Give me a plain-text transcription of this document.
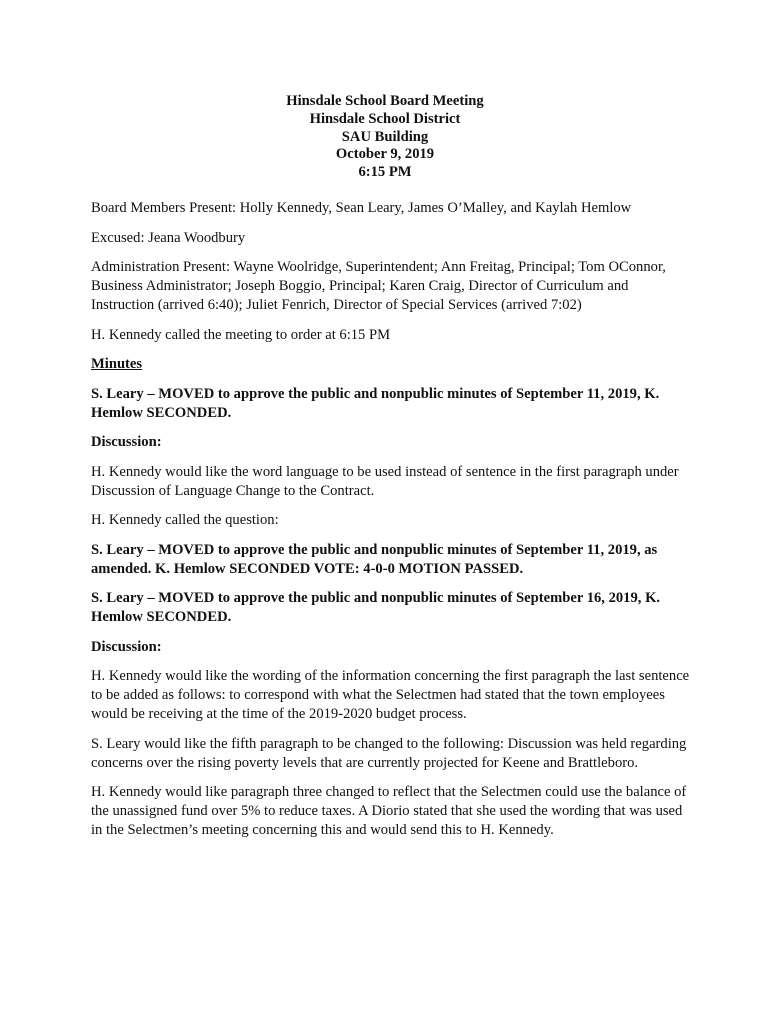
Hinsdale School Board Meeting
Hinsdale School District
SAU Building
October 9, 2019
6:15 PM

Board Members Present: Holly Kennedy, Sean Leary, James O’Malley, and Kaylah Hemlow

Excused: Jeana Woodbury

Administration Present: Wayne Woolridge, Superintendent; Ann Freitag, Principal; Tom OConnor, Business Administrator; Joseph Boggio, Principal; Karen Craig, Director of Curriculum and Instruction (arrived 6:40); Juliet Fenrich, Director of Special Services (arrived 7:02)

H. Kennedy called the meeting to order at 6:15 PM

Minutes

S. Leary – MOVED to approve the public and nonpublic minutes of September 11, 2019, K. Hemlow SECONDED.

Discussion:

H. Kennedy would like the word language to be used instead of sentence in the first paragraph under Discussion of Language Change to the Contract.

H. Kennedy called the question:

S. Leary – MOVED to approve the public and nonpublic minutes of September 11, 2019, as amended. K. Hemlow SECONDED VOTE: 4-0-0 MOTION PASSED.

S. Leary – MOVED to approve the public and nonpublic minutes of September 16, 2019, K. Hemlow SECONDED.

Discussion:

H. Kennedy would like the wording of the information concerning the first paragraph the last sentence to be added as follows: to correspond with what the Selectmen had stated that the town employees would be receiving at the time of the 2019-2020 budget process.

S. Leary would like the fifth paragraph to be changed to the following: Discussion was held regarding concerns over the rising poverty levels that are currently projected for Keene and Brattleboro.

H. Kennedy would like paragraph three changed to reflect that the Selectmen could use the balance of the unassigned fund over 5% to reduce taxes. A Diorio stated that she used the wording that was used in the Selectmen’s meeting concerning this and would send this to H. Kennedy.
